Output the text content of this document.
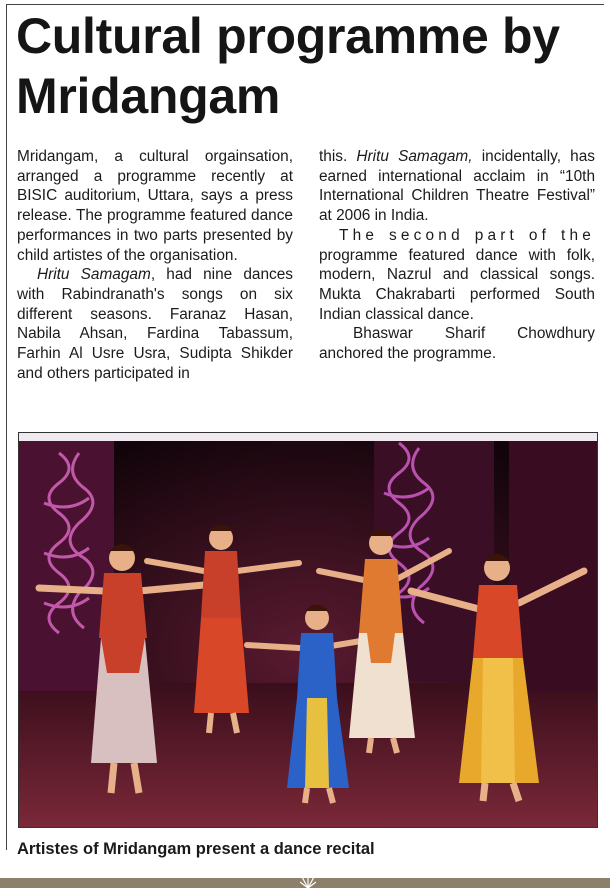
Cultural programme by Mridangam

Mridangam, a cultural orgainsation, arranged a programme recently at BISIC auditorium, Uttara, says a press release. The programme featured dance performances in two parts presented by child artistes of the organisation.

Hritu Samagam, had nine dances with Rabindranath's songs on six different seasons. Faranaz Hasan, Nabila Ahsan, Fardina Tabassum, Farhin Al Usre Usra, Sudipta Shikder and others participated in

this. Hritu Samagam, incidentally, has earned international acclaim in “10th International Children Theatre Festival” at 2006 in India.

The second part of the programme featured dance with folk, modern, Nazrul and classical songs. Mukta Chakrabarti performed South Indian classical dance.

Bhaswar Sharif Chowdhury anchored the programme.

Artistes of Mridangam present a dance recital
